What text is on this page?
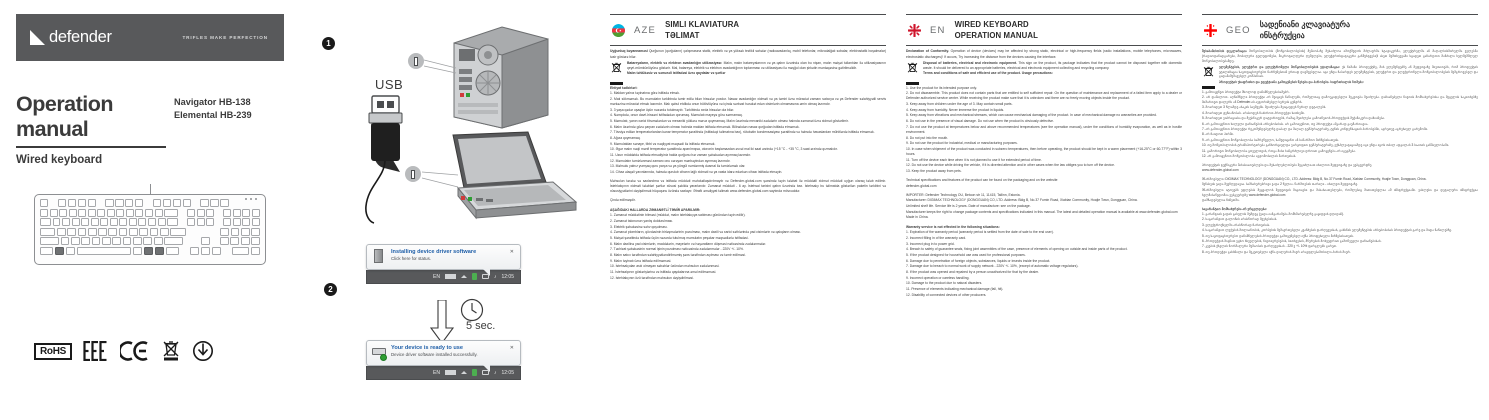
defender	TRIFLES MAKE PERFECTION
Operation manual
Wired keyboard
Navigator HB-138
Elemental HB-239
RoHS
1
USB
2
Installing device driver software
Click here for status.
✕
EN	♪ 12:05
5 sec.
Your device is ready to use
Device driver software installed successfully.
✕
EN	♪ 12:05
AZE
SIMLI KLAVIATURA
TƏLIMAT

Uyğunluq bəyannaməsi Qurğunun (qurğuların) çalışmasına statik, elektrik və ya yüksək tezlikli sahələr (radioavadanlıq, mobil telefonlar, mikrodalğalı sobalar, elektrostatik boşalmalar) təsir göstərə bilər.

Batareyaların, elektrik və elektron avadanlığın utilizasiyası: Malın, malın batareyalarının və ya qabın üzərində olan bu nişan, malın məişət tullantıları ilə utilizasiyasının qeyri-mümkünlüyünə göstərir. Mal, batareya, elektrik və elektron avadanlığının toplanması və utilizasiyası ilə məşğul olan şirkətin məntəqəsinə gətirilməlidir.

Malın təhlükəsiz və səmərəli istifadəsi üzrə qaydalar və şərtlər

Ehtiyat tədbirləri:

1. Maldan yalnız təyinatına görə istifadə etmək.

2. Malı sökməmək. Bu məmulatın tərkibində təmir edilə bilən hissələr yoxdur. Nasaz avadanlığın xidməti və ya təmiri üzrə müraciət zamanı satıcıya və ya Defender səlahiyyətli servis mərkəzinə müraciət etmək lazımdır. Malı qəbul etdikdə onun bütövlüyünə və içində sərbəst hərəkət edən cisimlərin olmamasına əmin olmaq lazımdır.

3. 3 yaşa qədər uşaqlar üçün nəzərdə tutulmayıb. Tərkibində xırda hissələr ola bilər.

4. Nəmçıkdə, onun davrl-hissəni istifadədən qorumaq. Məmulatı mayeyə görə sərmamaq.

5. Məmulatı, yanın xarici titrəmələrdən və mexaniki yüklərə məruz qoymamaq. Malın üzərində mexaniki zədələrin olması halında zəmanət üzrə xidmət göstərilmir.

6. Malın üzərində gözə çarpan zədələrin olması halında maldan istifadə etməmək. Bilinəkdən nasaz qurğudan istifadə etməmək.

7. Tövsiyə edilən temperaturlardan kənar temperatur şəraitində (istifadəçi təlimatına bax), rütubətin kondensasiyası şəraitində və həbsdə havaslardan mühitlərdə istifadə etməmək.

8. Ağıza qoymamaq.

9. Məmulatdan sənaye, tibbi və nəqliyyat məqsədi ilə istifadə etməmək.

10. Əgər malın nəqli mənfi temperatur şəraitində aparılmışsa, otoronin başlamazdan əvvəl mal iki saat ərzində (+15 °C - +35 °C, 3 saat ərzində qızmalıdır.

11. Uzun müddətdə istifadə etmədiyiniz halda qurğunu hər zaman şəbəkədən ayırmaq lazımdır.

12. Məmulatın təmizlənməsi zamanı onu cərəyan mənbəyindən ayırmaq lazımdır.

13. Məhsulu yalnız yumşaq quru parça və ya yüngül nəmlənmiş dəsmal ilə təmizləmək olar.

14. Cihaz əlaqəli yaxınlarında, həbsdə qurulub ciharın lağlı xidməti və ya xasta idarə edərkən cihazı istifadə etməyin.

Məhsulun tərəkə və saxlanılma və istifadə müddəti məhdudlaşdırılmayıb və Defender-global.com şəxsində təyin tələbat ilə müddətli xidmət müddəti uyğun olaraq tələb edilmir. İstehlakçının xidməti tələbləri şərtlər xüsusi şəkildə yararlanılır. Zəmanət müddəti - 6 ay. İstehsal tarixini qabın üzərində bax. İstehsalçı bu təlimatda göstərilən paketin tərkibini və xüsusiyyətlərini dəyişdirmək hüququnu özündə saxlayır. Ətraflı əməliyyat təlimatı www.defender-global.com saytında mövcuddur.

Çində edilməşdir.

AŞAĞIDAKI HALLARDA ZƏMANƏTLİ TƏMİR APARILMIR:

1. Zəmanət müddətinin bitməsi (müddət, malın istehlakçıya satılması günündən təyin edilir).

2. Zəmanət talonunun yanlış doldurulması.

3. Elektrik şəbəkəsinə səhv qoşulması.

4. Zəmanət plombların, qövdəsinin birləşmələrinin pozulması, malın daxili və xarici səthlərində yad cisimlərin və qalıqların olması.

5. Məişət şəraitində istifadə üçün nəzərdə tutulmuş məmulatın peşəkar məqsədlərlə istifadəsi.

6. Malın daxilinə yad cisimlərin, maddələrin, mayelərin və həşəratların düşməsi nəticəsində zədələnmələr.

7. Təchizat şəbəkəsinin normal işinin pozulması nəticəsində zədələnmələr - 220V +/- 10%.

8. Malın satıcı tərəfindən səlahiyyətləndirilməmiş şəxs tərəfindən açılması və təmir edilməsi.

9. Malın təyinatı üzrə istifadə edilməməsi.

10. İstehsalçıdan asılı olmayan səbəblər üzündən məhsulun zədələnməsi.

11. İstehsalçının göstərişlərinə və istifadə qaydalarına əməl edilməməsi.

12. İstehlakçının özü tərəfindən məhsulun dəyişdirilməsi.

EN
WIRED KEYBOARD
OPERATION MANUAL

Declaration of Conformity. Operation of device (devices) may be affected by strong static, electrical or high-frequency fields (radio installations, mobile telephones, microwaves, electrostatic discharges)! If occurs, Try increasing the distance from the devices causing the interface.

Disposal of batteries, electrical and electronic equipment. This sign on the product, its package indicates that the product cannot be disposed together with domestic waste. It should be delivered to an appropriate batteries, electrical and electronic equipment collecting and recycling company.

Terms and conditions of safe and efficient use of the product. Usage precautions:

1. Use the product for its intended purpose only.

2. Do not disassemble. This product does not contain parts that are entitled to self sufficient repair. On the question of maintenance and replacement of a failed item apply to a dealer or Defender authorized service center. While receiving the product make sure that it is unbroken and there are no freely moving objects inside the product.

3. Keep away from children under the age of 3. May contain small parts.

4. Keep away from humidity. Never immerse the product in liquids.

5. Keep away from vibrations and mechanical stresses, which can cause mechanical damaging of the product. In case of mechanical damage no warranties are provided.

6. Do not use in the presence of visual damage. Do not use when the product is obviously defective.

7. Do not use the product at temperatures below and above recommended temperatures (see the operation manual), under the conditions of humidity evaporation, as well as in hostile environment.

8. Do not put into the mouth.

9. Do not use the product for industrial, medical or manufacturing purposes.

10. In case when shipment of the product was conducted in subzero temperatures, then before operating, the product should be kept in a warm placement (+16-25°C or 60-77°F) within 3 hours.

11. Turn off the device each time when it is not planned to use it for extended period of time.

12. Do not use the device while driving the vehicle, if it is diverted attention and in other cases when the law obliges you to turn off the device.

13. Keep the product away from pets.

Technical specifications and features of the product can be found on the packaging and on the website

defender-global.com

IMPORTER: Defender Technology OU, Betoon str 11, 11415, Tallinn, Estonia.

Manufacturer: DIGIMAX TECHNOLOGY (DONGGUAN) CO, LTD. Address: Bldg B, No.37 Fumin Road, Xiabian Community, Hoajie Town, Dongguan, China.

Unlimited shelf life. Service life is 2 years. Date of manufacture: see on the package.

Manufacturer keeps the right to change package contents and specifications indicated in this manual. The latest and detailed operation manual is available at www.defender-global.com

Made in China.

Warranty service is not effected in the following situations:

1. Expiration of the warranty period (warranty period is settled from the date of sale to the end user).

2. Incorrect filling in of the warranty card.

3. Incorrect plug in to power grid.

4. Breach to safety of guarantee seals, fixing joint assemblies of the case, presence of elements of opening on outside and inside parts of the product.

5. If the product designed for household use was used for professional purposes.

6. Damage due to penetration of foreign objects, substances, liquids or insects inside the product.

7. Damage due to breach to normal work of supply network - 220V +/- 10%, (except of automatic voltage regulators).

8. If the product was opened and repaired by a person unauthorized for that by the dealer.

9. Incorrect operation or careless handling.

10. Damage to the product due to natural disasters.

11. Presence of elements indicating mechanical damage (fall, hit).

12. Disability of connected devices of other producers.

GEO
სადენიანი კლავიატურა
ინსტრუქცია

შესაბამისობის დეკლარაცია მოწყობილობის (მოწყობილობების) მუშაობაზე შესაძლოა იმოქმედოს მძლავრმა სტატიკურმა, ელექტრულმა ან მაღალსიხშირულმა ველებმა (რადიოდანადგარები, მობილური ტელეფონები, მიკროტალღური ღუმელები, ელექტროსტატიკური განმუხტვები)! ასეთ შემთხვევაში სცადეთ გაზარდოთ მანძილი ხელშემშლელ მოწყობილობებამდე.

ელემენტების, ელექტრო და ელექტრონული მოწყობილობების უტილიზაცია: ეს ნიშანი პროდუქტზე, მის ელემენტებზე ან შეფუთვაზე მიუთითებს, რომ პროდუქტის უტილიზაცია საყოფაცხოვრებო ნარჩენებთან ერთად დაუშვებელია. იგი უნდა ჩაბარდეს ელემენტების, ელექტრო და ელექტრონული მოწყობილობების შემგროვებელ და გადამამუშავებელ კომპანიას.

პროდუქტის უსაფრთხო და ეფექტიანი გამოყენების წესები და პირობები. სიფრთხილის ზომები:

1. გამოიყენეთ პროდუქტი მხოლოდ დანიშნულებისამებრ.

2. არ დაშალოთ. აღნიშნული პროდუქტი არ შეიცავს ნაწილებს, რომელთაც დამოუკიდებელი შეკეთება შეიძლება. დაზიანებული ნივთის მომსახურებისა და შეცვლის საკითხებზე მიმართეთ დილერს ან Defender-ის ავტორიზებულ სერვის ცენტრს.

3. მოარიდეთ 3 წლამდე ასაკის ბავშვებს. შეიძლება შეიცავდეს წვრილ დეტალებს.

4. მოარიდეთ ტენიანობას. არასოდეს ჩაძიროთ პროდუქტი სითხეში.

5. მოარიდეთ ვიბრაციასა და მექანიკურ დატვირთვებს, რამაც შეიძლება გამოიწვიოს პროდუქტის მექანიკური დაზიანება.

6. არ გამოიყენოთ ხილული დაზიანების არსებობისას. არ გამოიყენოთ, თუ პროდუქტი აშკარად გაუმართავია.

7. არ გამოიყენოთ პროდუქტი რეკომენდებულზე დაბალ და მაღალ ტემპერატურაზე, ტენის კონდენსაციის პირობებში, აგრეთვე აგრესიულ გარემოში.

8. არ ჩაიდოთ პირში.

9. არ გამოიყენოთ მოწყობილობა სამრეწველო, სამედიცინო ან საწარმოო მიზნებისათვის.

10. თუ მოწყობილობის ტრანსპორტირება განხორციელდა უარყოფით ტემპერატურაზე, ექსპლუატაციამდე იგი უნდა იყოს თბილ ადგილას 3 საათის განმავლობაში.

11. გამორთეთ მოწყობილობა ყოველთვის, როცა მისი ხანგრძლივი დროით გამოყენება არ იგეგმება.

12. არ გამოიყენოთ მოწყობილობა ავტომობილის მართვისას.

პროდუქტის ტექნიკური მახასიათებლები და შესაძლებლობები შეგიძლიათ იხილოთ შეფუთვაზე და ვებგვერდზე

www.defender-global.com

მწარმოებელი: DIGIMAX TECHNOLOGY (DONGGUAN) CO., LTD. Address: Bldg B, No.37 Fumin Road, Xiabian Community, Hoajie Town, Dongguan, China.

შენახვის ვადა შეუზღუდავია. სამსახურებრივი ვადა 2 წელია. წარმოების თარიღი - იხილეთ შეფუთვაზე.

მწარმოებელი იტოვებს უფლებას შეცვალოს შეფუთვის შიგთავსი და მახასიათებლები, რომლებიც მითითებულია ამ ინსტრუქციაში. უახლესი და დეტალური ინსტრუქცია ხელმისაწვდომია ვებგვერდზე www.defender-global.com

დამზადებულია ჩინეთში.

საგარანტიო მომსახურება არ ვრცელდება:

1. გარანტიის ვადის გასვლის შემდეგ (ვადა იანგარიშება მომხმარებელზე გაყიდვის დღიდან).

2. საგარანტიო ტალონის არასწორად შევსებისას.

3. ელექტროქსელში არასწორად ჩართვისას.

4. საგარანტიო ლუქების მთლიანობის, კორპუსის შემაერთებელი კვანძების დარღვევისას, გახსნის ელემენტების არსებობისას პროდუქტის გარე და შიდა ნაწილებზე.

5. თუ საყოფაცხოვრებო დანიშნულების პროდუქტი გამოყენებულ იქნა პროფესიული მიზნებისათვის.

6. პროდუქტის შიგნით უცხო სხეულების, ნივთიერებების, სითხეების, მწერების მოხვედრით გამოწვეული დაზიანებისას.

7. კვების ქსელის ნორმალური მუშაობის დარღვევისას - 220 ვ +/- 10% ფარგლებს გარეთ.

8. თუ პროდუქტი გახსნილი და შეკეთებული იქნა დილერის მიერ არაუფლებამოსილი პირის მიერ.
